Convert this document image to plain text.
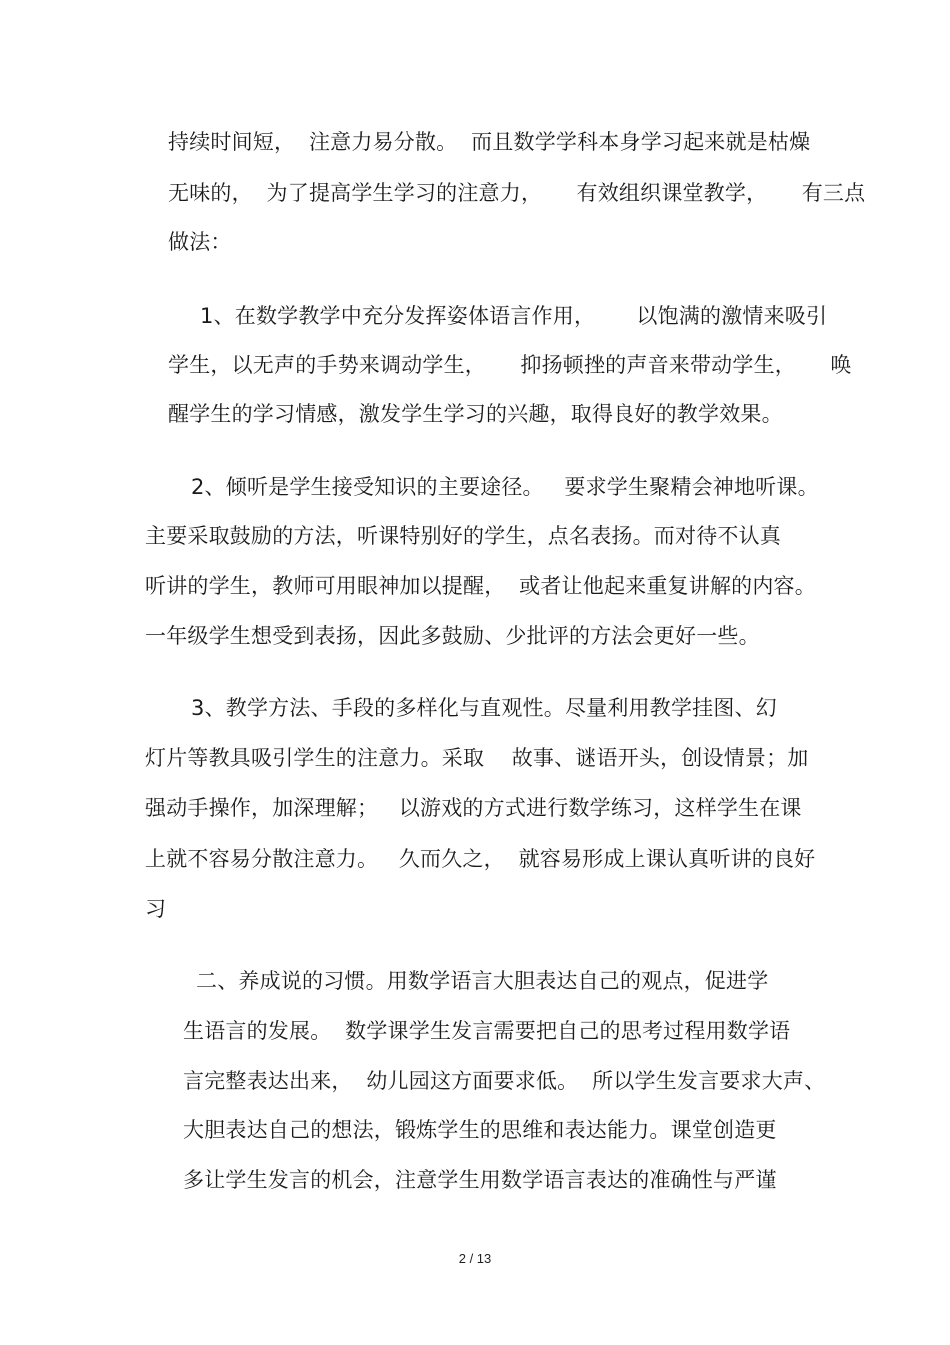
持续时间短，  注意力易分散。  而且数学学科本身学习起来就是枯燥
无味的，  为了提高学生学习的注意力，     有效组织课堂教学，     有三点
做法：
1、在数学教学中充分发挥姿体语言作用，      以饱满的激情来吸引
学生，以无声的手势来调动学生，     抑扬顿挫的声音来带动学生，     唤
醒学生的学习情感，激发学生学习的兴趣，取得良好的教学效果。
2、倾听是学生接受知识的主要途径。   要求学生聚精会神地听课。
主要采取鼓励的方法，听课特别好的学生，点名表扬。而对待不认真
听讲的学生，教师可用眼神加以提醒，  或者让他起来重复讲解的内容。
一年级学生想受到表扬，因此多鼓励、少批评的方法会更好一些。
3、教学方法、手段的多样化与直观性。尽量利用教学挂图、幻
灯片等教具吸引学生的注意力。采取    故事、谜语开头，创设情景；加
强动手操作，加深理解；   以游戏的方式进行数学练习，这样学生在课
上就不容易分散注意力。   久而久之，  就容易形成上课认真听讲的良好
习
二、养成说的习惯。用数学语言大胆表达自己的观点，促进学
生语言的发展。  数学课学生发言需要把自己的思考过程用数学语
言完整表达出来，  幼儿园这方面要求低。  所以学生发言要求大声、
大胆表达自己的想法，锻炼学生的思维和表达能力。课堂创造更
多让学生发言的机会，注意学生用数学语言表达的准确性与严谨
2 / 13
